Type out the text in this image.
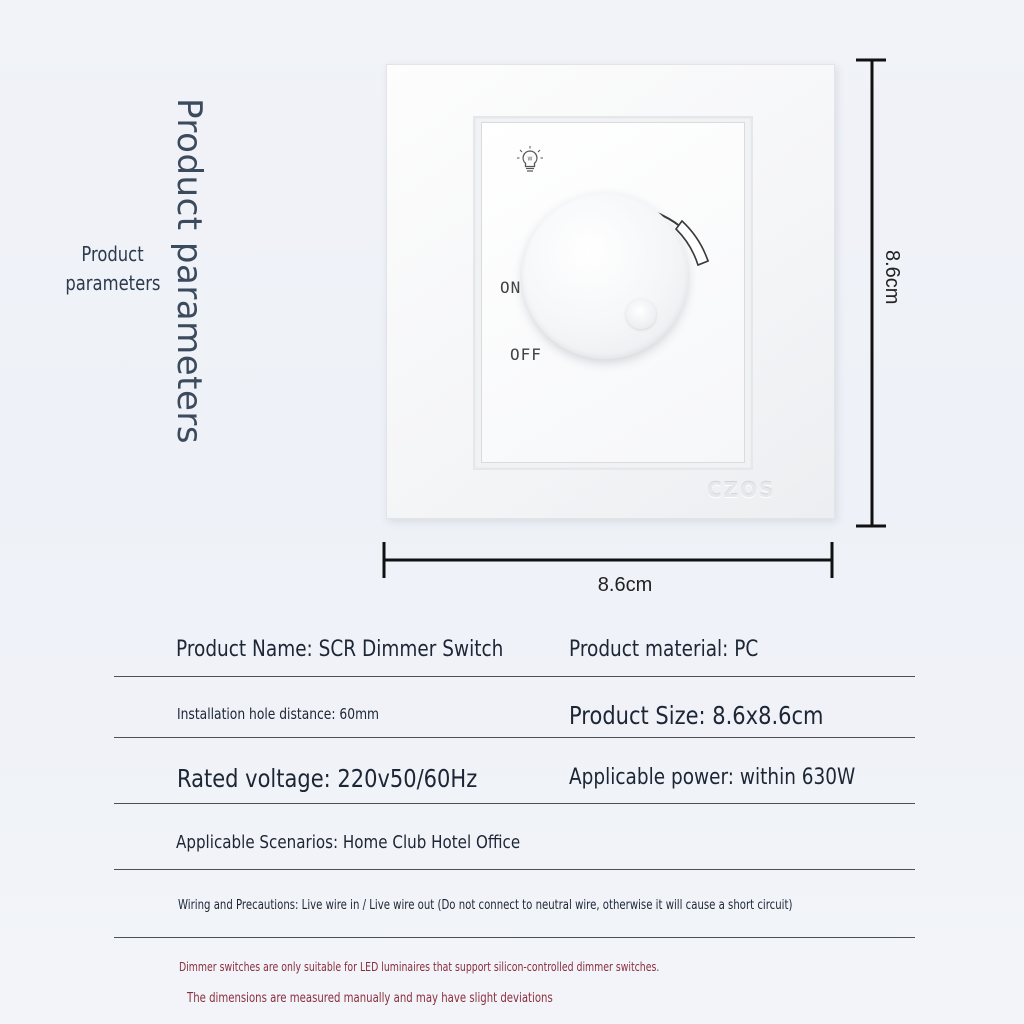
Product parameters
Product parameters
W
ON
OFF
CZOS
8.6cm
8.6cm
Product Name: SCR Dimmer Switch	Product material: PC
Installation hole distance: 60mm	Product Size: 8.6x8.6cm
Rated voltage: 220v50/60Hz	Applicable power: within 630W
Applicable Scenarios: Home Club Hotel Office
Wiring and Precautions: Live wire in / Live wire out (Do not connect to neutral wire, otherwise it will cause a short circuit)
Dimmer switches are only suitable for LED luminaires that support silicon-controlled dimmer switches.
The dimensions are measured manually and may have slight deviations
